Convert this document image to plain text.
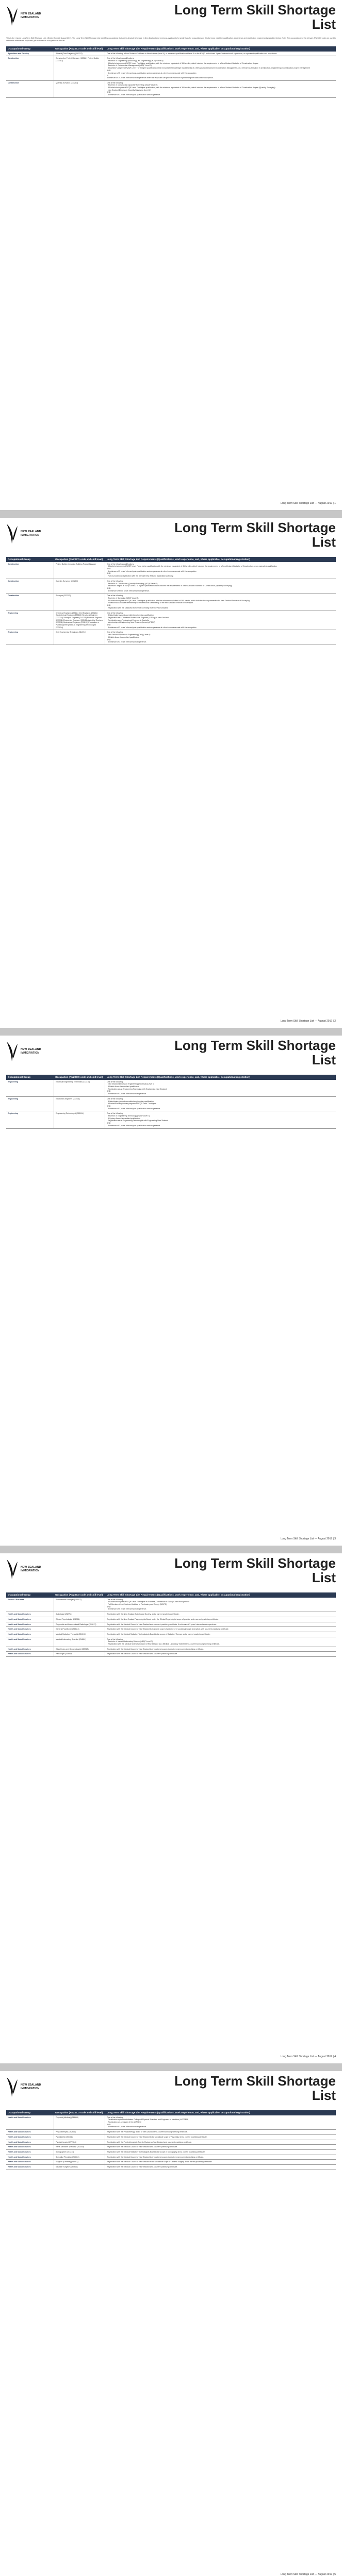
NEW ZEALAND
IMMIGRATION	Long Term Skill Shortage List
This is the revised Long Term Skill Shortage List, effective from 28 August 2017. The Long Term Skill Shortage List identifies occupations that are in absolute shortage in New Zealand and overseas. Applicants for work visas for occupations on this list must meet the qualification, experience and registration requirements specified below. Note: The occupation and the relevant ANZSCO code are used to determine whether an applicant's job matches an occupation on this list.
Occupational Group	Occupation (ANZSCO code and skill level)	Long Term Skill Shortage List Requirements (Qualifications, work experience, and, where applicable, occupational registration)
Agriculture and Forestry	Arborist (Tree Surgeon) (362212)	One of the following: a New Zealand Certificate in Arboriculture (Level 4), or a relevant qualification at Level 4 on the NZQF, and at least 3 years' relevant work experience, or equivalent qualification and experience.
Construction	Construction Project Manager (133111) Project Builder (133112)
One of the following qualifications:
- Bachelor of Engineering (Honours) (Civil Engineering) (NZQF level 8)
- A Bachelor's degree at NZQF Level 7 or higher qualification, with the minimum equivalent of 360 credits, which includes the requirements of a New Zealand Bachelor of Construction degree
- Bachelor of Construction Management (NZQF Level 7)
- A bachelor's degree at NZQF Level 7 or a higher qualification which includes the knowledge requirements of a New Zealand Diploma in Construction Management, or a relevant qualification in architecture, engineering or construction project management
AND
- A minimum of 5 years' relevant post-qualification work experience at a level commensurate with the occupation
or
A minimum of 10 years' relevant work experience where the applicant can provide evidence of performing the tasks of the occupation.
Construction	Quantity Surveyor (233213)	One of the following:
- Bachelor of Construction (Quantity Surveying) (NZQF Level 7)
- A Bachelor's degree at NZQF Level 7 or higher qualification, with the minimum equivalent of 360 credits, which includes the requirements of a New Zealand Bachelor of Construction degree (Quantity Surveying)
- New Zealand Diploma in Quantity Surveying (Level 6)
AND
- A minimum of 3 years' relevant post-qualification work experience.
Long Term Skill Shortage List — August 2017 | 1
NEW ZEALAND
IMMIGRATION	Long Term Skill Shortage List
Occupational Group	Occupation (ANZSCO code and skill level)	Long Term Skill Shortage List Requirements (Qualifications, work experience, and, where applicable, occupational registration)
Construction	Project Builder, including Building Project Manager	One of the following qualifications:
- A Bachelor's degree at NZQF Level 7 or a higher qualification with the minimum equivalent of 360 credits, which includes the requirements of a New Zealand Bachelor of Construction, or an equivalent qualification
AND
- A minimum of 3 years' relevant post-qualification work experience at a level commensurate with the occupation
AND
- Full or provisional registration with the relevant New Zealand registration authority.
Construction	Quantity Surveyor (233213)	One of the following:
- Bachelor of Construction (Quantity Surveying) (NZQF Level 7)
- Bachelor's degree at NZQF Level 7 or higher qualification which includes the requirements of a New Zealand Bachelor of Construction (Quantity Surveying)
AND
- A minimum of three years' relevant work experience.
Construction	Surveyor (232212)	One of the following:
- Bachelor of Surveying (NZQF Level 7)
- A Bachelor's degree at NZQF Level 7 or higher qualification with the minimum equivalent of 360 credits, which includes the requirements of a New Zealand Bachelor of Surveying
- Professional Associate Membership or Professional Membership of the New Zealand Institute of Surveyors
AND
- Registration with the Cadastral Surveyors Licensing Board of New Zealand.
Engineering	Chemical Engineer (233111) Civil Engineer (233211) Geotechnical Engineer (233212) Structural Engineer (233214) Transport Engineer (233215) Electrical Engineer (233311) Electronics Engineer (233411) Industrial Engineer (233511) Mechanical Engineer (233512) Production or Plant Engineer (233513) Engineering Technologist (233914)
One of the following:
- A Washington Accord accredited engineering qualification
- Registration as a Chartered Professional Engineer (CPEng) in New Zealand
- Registration as a Professional Engineer in Australia
- Membership of Engineering New Zealand (formerly IPENZ)
AND
- A minimum of 3 years' relevant post-qualification work experience at a level commensurate with the occupation.
Engineering	Civil Engineering Technician (312211)	One of the following:
- New Zealand Diploma in Engineering (Civil) (Level 6)
- A Dublin Accord accredited qualification
AND
- A minimum of 3 years' relevant work experience.
Long Term Skill Shortage List — August 2017 | 2
NEW ZEALAND
IMMIGRATION	Long Term Skill Shortage List
Occupational Group	Occupation (ANZSCO code and skill level)	Long Term Skill Shortage List Requirements (Qualifications, work experience, and, where applicable, occupational registration)
Engineering	Electrical Engineering Technician (312311)	One of the following:
- New Zealand Diploma in Engineering (Electrical) (Level 6)
- A Dublin Accord accredited qualification
- Registration as an Engineering Technician with Engineering New Zealand
AND
- A minimum of 3 years' relevant work experience.
Engineering	Electronics Engineer (233411)	One of the following:
- A Washington Accord accredited engineering qualification
- A Bachelor of Engineering degree at NZQF Level 7 or higher
AND
- A minimum of 3 years' relevant post-qualification work experience.
Engineering	Engineering Technologist (233914)	One of the following:
- Bachelor of Engineering Technology (NZQF Level 7)
- A Sydney Accord accredited qualification
- Registration as an Engineering Technologist with Engineering New Zealand
AND
- A minimum of 3 years' relevant post-qualification work experience.
Long Term Skill Shortage List — August 2017 | 3
NEW ZEALAND
IMMIGRATION	Long Term Skill Shortage List
Occupational Group	Occupation (ANZSCO code and skill level)	Long Term Skill Shortage List Requirements (Qualifications, work experience, and, where applicable, occupational registration)
Finance / Business	Procurement Manager (133612)	One of the following:
- A Bachelor's degree at NZQF Level 7 or higher in Business, Commerce or Supply Chain Management
- Full Member of the Chartered Institute of Purchasing and Supply (MCIPS)
AND
- A minimum of 5 years' relevant work experience.
Health and Social Services	Audiologist (252711)	Registration with the New Zealand Audiological Society, and a current practising certificate.
Health and Social Services	Clinical Psychologist (272311)	Registration with the New Zealand Psychologists Board under the Clinical Psychologist scope of practice and a current practising certificate.
Health and Social Services	Diagnostic and Interventional Radiologist (253917)	Registration with the Medical Council of New Zealand and a current practising certificate. A minimum of 3 years' relevant work experience.
Health and Social Services	General Practitioner (253111)	Registration with the Medical Council of New Zealand in a general scope of practice or a vocational scope of practice, with a current practising certificate.
Health and Social Services	Medical Radiation Therapist (251212)	Registration with the Medical Radiation Technologists Board in the scope of Radiation Therapy and a current practising certificate.
Health and Social Services	Medical Laboratory Scientist (234611)	One of the following:
- Bachelor of Medical Laboratory Science (NZQF Level 7)
- Registration with the Medical Sciences Council of New Zealand as a Medical Laboratory Scientist and a current annual practising certificate.
Health and Social Services	Obstetrician and Gynaecologist (253913)	Registration with the Medical Council of New Zealand in a vocational scope of practice and a current practising certificate.
Health and Social Services	Pathologist (253915)	Registration with the Medical Council of New Zealand and a current practising certificate.
Long Term Skill Shortage List — August 2017 | 4
NEW ZEALAND
IMMIGRATION	Long Term Skill Shortage List
Occupational Group	Occupation (ANZSCO code and skill level)	Long Term Skill Shortage List Requirements (Qualifications, work experience, and, where applicable, occupational registration)
Health and Social Services	Physicist (Medical) (234914)	One of the following:
- Certification by the Australasian College of Physical Scientists and Engineers in Medicine (ACPSEM)
- Registration on a register of the ACPSEM
AND
- A minimum of 3 years' relevant work experience.
Health and Social Services	Physiotherapist (252511)	Registration with the Physiotherapy Board of New Zealand and a current annual practising certificate.
Health and Social Services	Psychiatrist (253411)	Registration with the Medical Council of New Zealand in the vocational scope of Psychiatry and a current practising certificate.
Health and Social Services	Psychotherapist (272314)	Registration with the Psychotherapists Board of Aotearoa New Zealand and a current practising certificate.
Health and Social Services	Renal Medicine Specialist (253318)	Registration with the Medical Council of New Zealand and a current practising certificate.
Health and Social Services	Sonographer (251214)	Registration with the Medical Radiation Technologists Board in the scope of Sonography and a current practising certificate.
Health and Social Services	Specialist Physician (253311)	Registration with the Medical Council of New Zealand in a vocational scope of practice and a current practising certificate.
Health and Social Services	Surgeon (General) (253511)	Registration with the Medical Council of New Zealand in the vocational scope of General Surgery and a current practising certificate.
Health and Social Services	Vascular Surgeon (253521)	Registration with the Medical Council of New Zealand and a current practising certificate.
Long Term Skill Shortage List — August 2017 | 5
